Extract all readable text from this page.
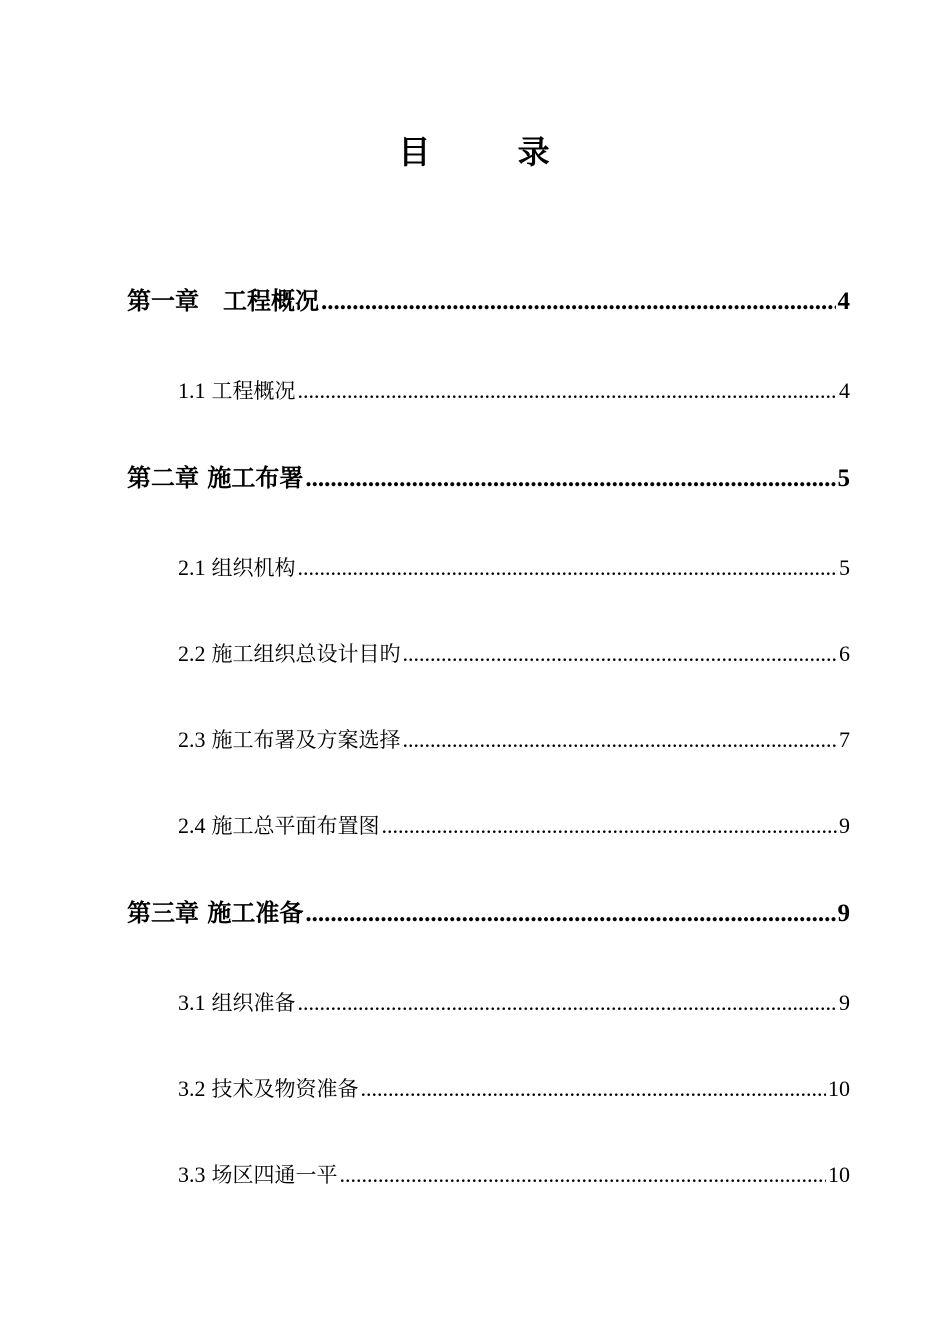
目 录
第一章　工程概况 .....	4
1.1 工程概况 .....	4
第二章 施工布署 .....	5
2.1 组织机构 .....	5
2.2 施工组织总设计目旳 .....	6
2.3 施工布署及方案选择 .....	7
2.4 施工总平面布置图 .....	9
第三章 施工准备 .....	9
3.1 组织准备 .....	9
3.2 技术及物资准备 .....	10
3.3 场区四通一平 .....	10
